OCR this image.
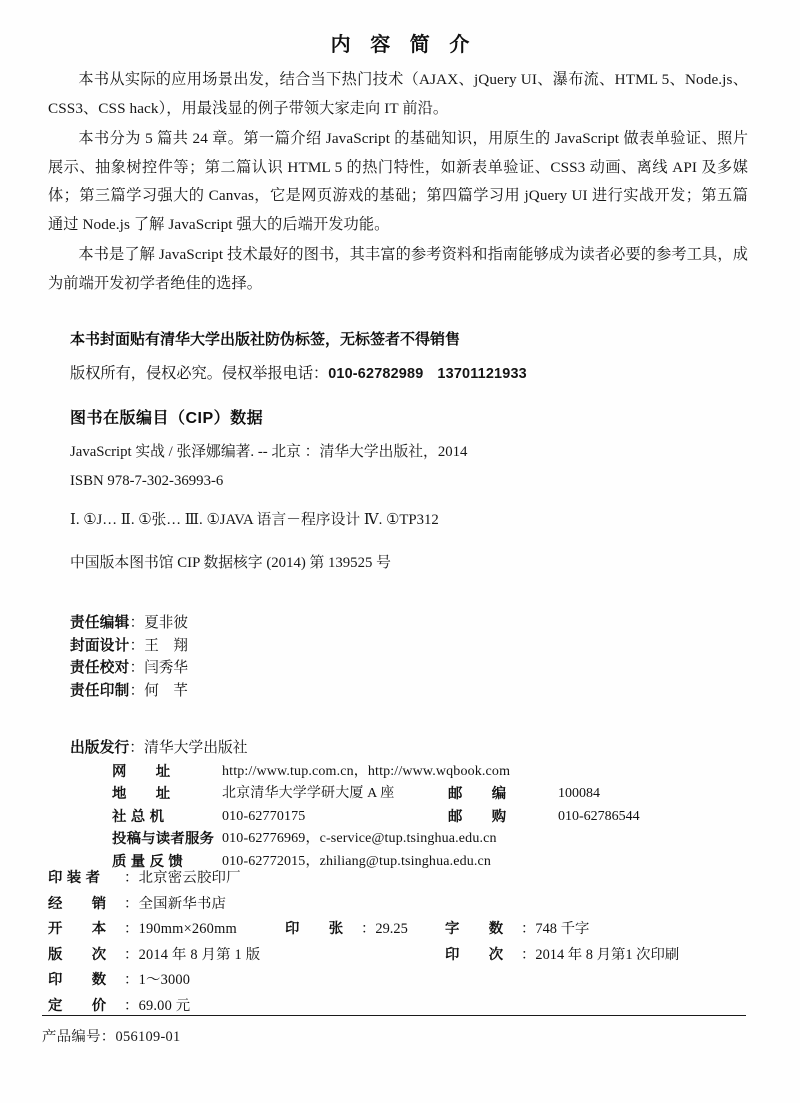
内 容 简 介

本书从实际的应用场景出发，结合当下热门技术（AJAX、jQuery UI、瀑布流、HTML 5、Node.js、CSS3、CSS hack），用最浅显的例子带领大家走向 IT 前沿。

本书分为 5 篇共 24 章。第一篇介绍 JavaScript 的基础知识，用原生的 JavaScript 做表单验证、照片展示、抽象树控件等；第二篇认识 HTML 5 的热门特性，如新表单验证、CSS3 动画、离线 API 及多媒体；第三篇学习强大的 Canvas，它是网页游戏的基础；第四篇学习用 jQuery UI 进行实战开发；第五篇通过 Node.js 了解 JavaScript 强大的后端开发功能。

本书是了解 JavaScript 技术最好的图书，其丰富的参考资料和指南能够成为读者必要的参考工具，成为前端开发初学者绝佳的选择。

本书封面贴有清华大学出版社防伪标签，无标签者不得销售
版权所有，侵权必究。侵权举报电话：010-62782989 13701121933
图书在版编目（CIP）数据
JavaScript 实战 / 张泽娜编著. -- 北京 ：清华大学出版社，2014
ISBN 978-7-302-36993-6
Ⅰ. ①J… Ⅱ. ①张… Ⅲ. ①JAVA 语言－程序设计 Ⅳ. ①TP312
中国版本图书馆 CIP 数据核字 (2014) 第 139525 号
责任编辑：夏非彼
封面设计：王　翔
责任校对：闫秀华
责任印制：何　芊
出版发行：清华大学出版社
网　　址	http://www.tup.com.cn，http://www.wqbook.com
地　　址	北京清华大学学研大厦 A 座	邮　　编	100084
社 总 机	010-62770175	邮　　购	010-62786544
投稿与读者服务 010-62776969，c-service@tup.tsinghua.edu.cn
质 量 反 馈	010-62772015，zhiliang@tup.tsinghua.edu.cn
印 装 者 ：北京密云胶印厂
经　　销 ：全国新华书店
开　　本 ：190mm×260mm	印　　张 ：29.25	字　　数 ：748 千字
版　　次 ：2014 年 8 月第 1 版	印　　次 ：2014 年 8 月第1 次印刷
印　　数 ：1～3000
定　　价 ：69.00 元
产品编号：056109-01
